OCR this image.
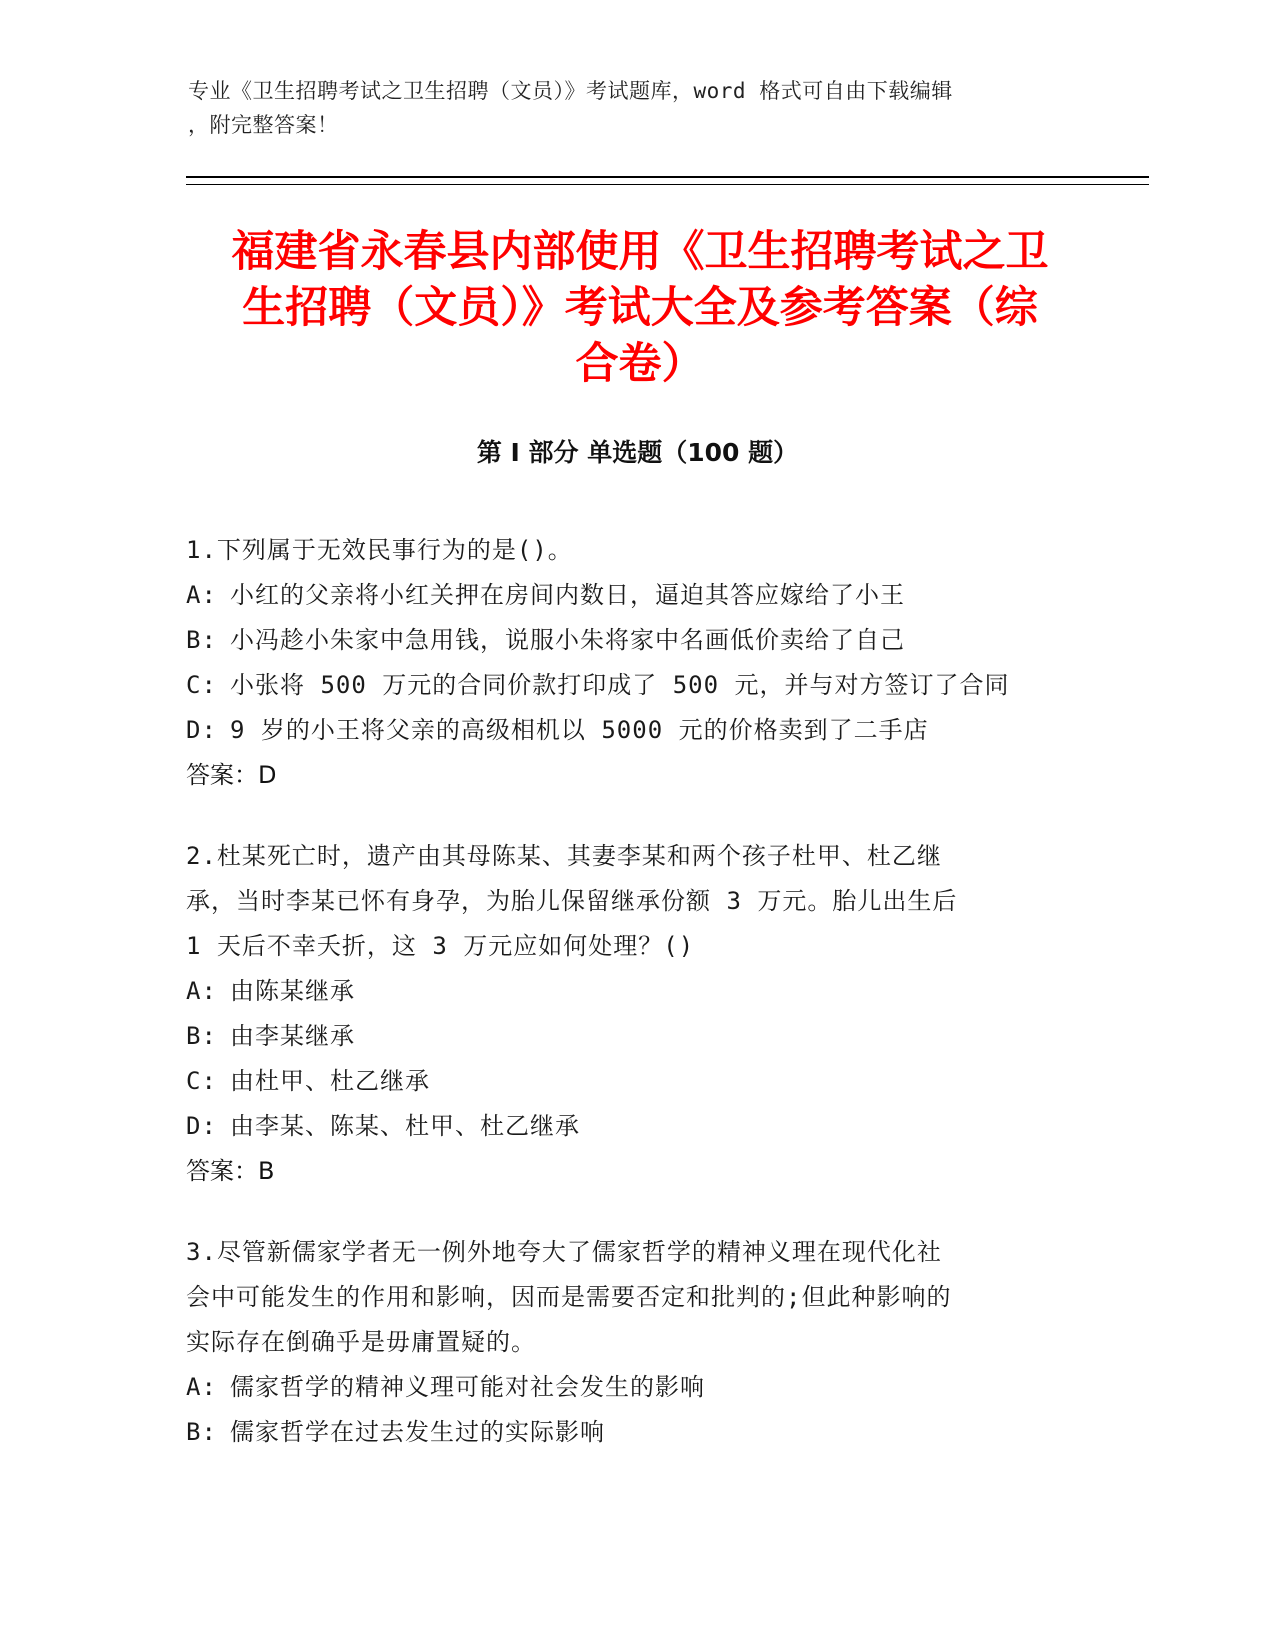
专业《卫生招聘考试之卫生招聘（文员）》考试题库，word 格式可自由下载编辑
，附完整答案！
福建省永春县内部使用《卫生招聘考试之卫
生招聘（文员）》考试大全及参考答案（综
合卷）
第 I 部分 单选题（100 题）
1.下列属于无效民事行为的是()。
A: 小红的父亲将小红关押在房间内数日，逼迫其答应嫁给了小王
B: 小冯趁小朱家中急用钱，说服小朱将家中名画低价卖给了自己
C: 小张将 500 万元的合同价款打印成了 500 元，并与对方签订了合同
D: 9 岁的小王将父亲的高级相机以 5000 元的价格卖到了二手店
答案：D
2.杜某死亡时，遗产由其母陈某、其妻李某和两个孩子杜甲、杜乙继
承，当时李某已怀有身孕，为胎儿保留继承份额 3 万元。胎儿出生后
1 天后不幸夭折，这 3 万元应如何处理？()
A: 由陈某继承
B: 由李某继承
C: 由杜甲、杜乙继承
D: 由李某、陈某、杜甲、杜乙继承
答案：B
3.尽管新儒家学者无一例外地夸大了儒家哲学的精神义理在现代化社
会中可能发生的作用和影响，因而是需要否定和批判的;但此种影响的
实际存在倒确乎是毋庸置疑的。
A: 儒家哲学的精神义理可能对社会发生的影响
B: 儒家哲学在过去发生过的实际影响
